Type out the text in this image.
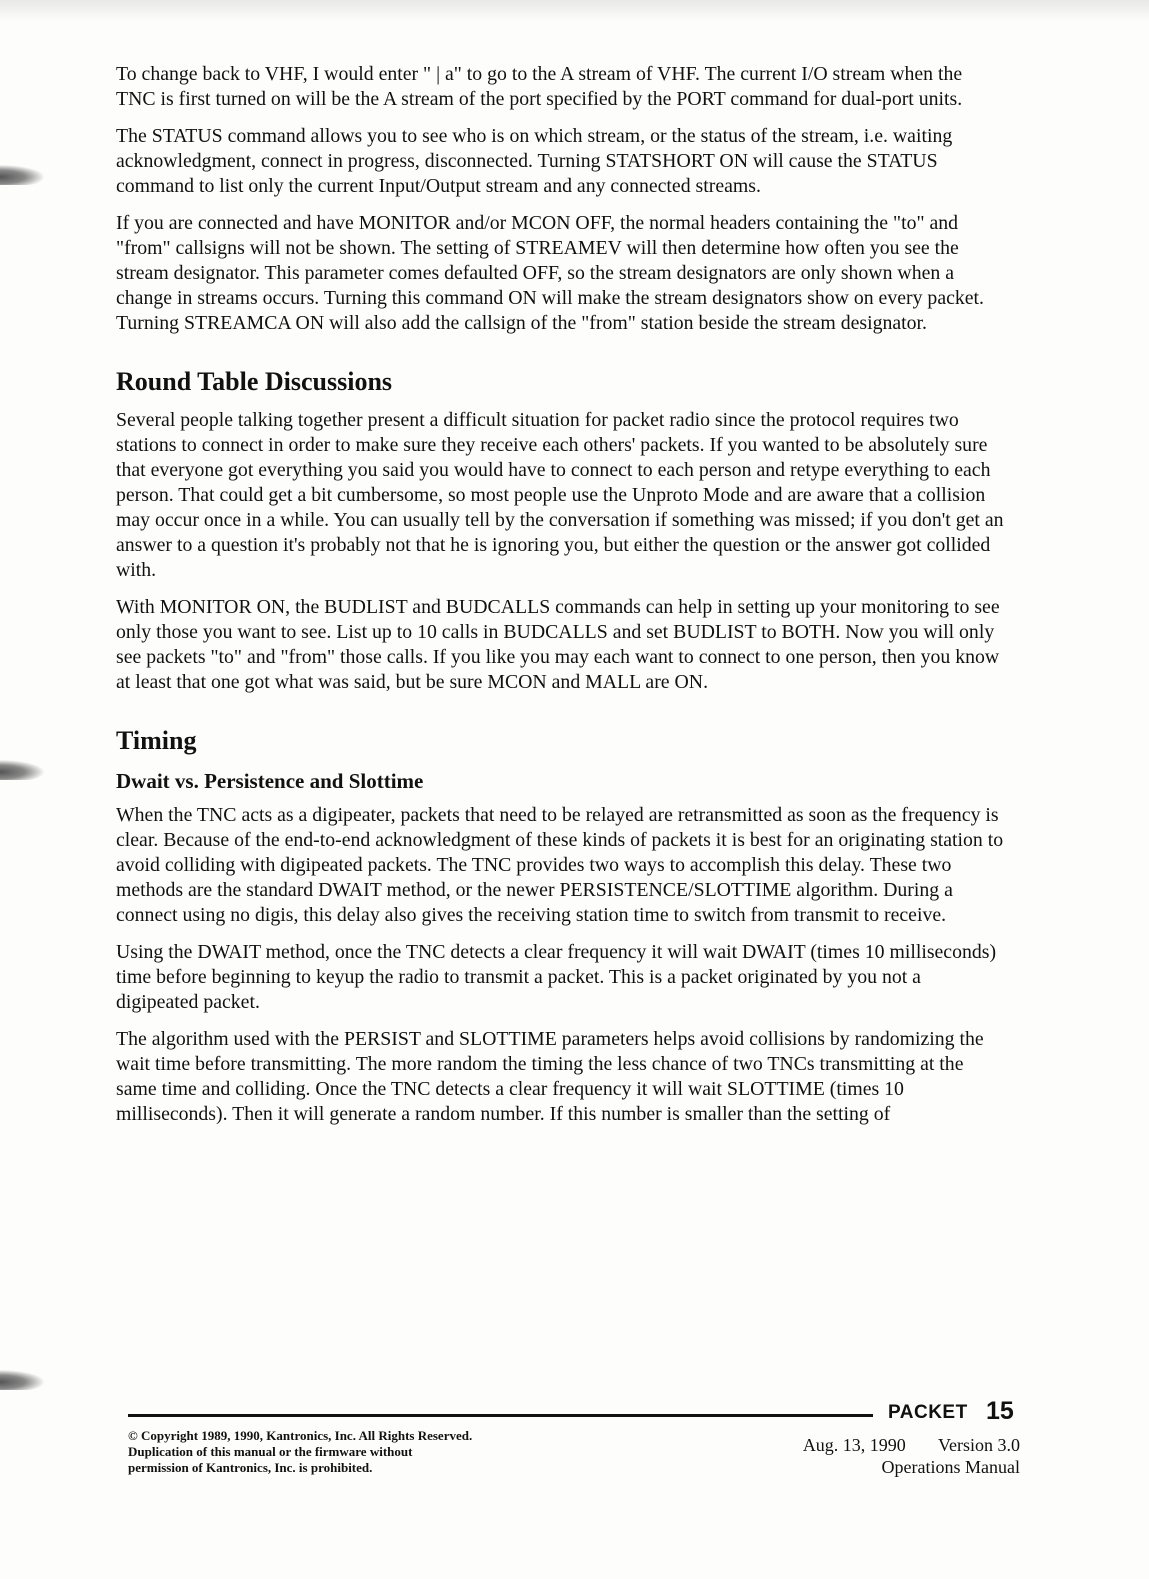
To change back to VHF, I would enter " | a" to go to the A stream of VHF. The current I/O stream when the TNC is first turned on will be the A stream of the port specified by the PORT command for dual-port units.

The STATUS command allows you to see who is on which stream, or the status of the stream, i.e. waiting acknowledgment, connect in progress, disconnected. Turning STATSHORT ON will cause the STATUS command to list only the current Input/Output stream and any connected streams.

If you are connected and have MONITOR and/or MCON OFF, the normal headers containing the "to" and "from" callsigns will not be shown. The setting of STREAMEV will then determine how often you see the stream designator. This parameter comes defaulted OFF, so the stream designators are only shown when a change in streams occurs. Turning this command ON will make the stream designators show on every packet. Turning STREAMCA ON will also add the callsign of the "from" station beside the stream designator.

Round Table Discussions

Several people talking together present a difficult situation for packet radio since the protocol requires two stations to connect in order to make sure they receive each others' packets. If you wanted to be absolutely sure that everyone got everything you said you would have to connect to each person and retype everything to each person. That could get a bit cumbersome, so most people use the Unproto Mode and are aware that a collision may occur once in a while. You can usually tell by the conversation if something was missed; if you don't get an answer to a question it's probably not that he is ignoring you, but either the question or the answer got collided with.

With MONITOR ON, the BUDLIST and BUDCALLS commands can help in setting up your monitoring to see only those you want to see. List up to 10 calls in BUDCALLS and set BUDLIST to BOTH. Now you will only see packets "to" and "from" those calls. If you like you may each want to connect to one person, then you know at least that one got what was said, but be sure MCON and MALL are ON.

Timing
Dwait vs. Persistence and Slottime

When the TNC acts as a digipeater, packets that need to be relayed are retransmitted as soon as the frequency is clear. Because of the end-to-end acknowledgment of these kinds of packets it is best for an originating station to avoid colliding with digipeated packets. The TNC provides two ways to accomplish this delay. These two methods are the standard DWAIT method, or the newer PERSISTENCE/SLOTTIME algorithm. During a connect using no digis, this delay also gives the receiving station time to switch from transmit to receive.

Using the DWAIT method, once the TNC detects a clear frequency it will wait DWAIT (times 10 milliseconds) time before beginning to keyup the radio to transmit a packet. This is a packet originated by you not a digipeated packet.

The algorithm used with the PERSIST and SLOTTIME parameters helps avoid collisions by randomizing the wait time before transmitting. The more random the timing the less chance of two TNCs transmitting at the same time and colliding. Once the TNC detects a clear frequency it will wait SLOTTIME (times 10 milliseconds). Then it will generate a random number. If this number is smaller than the setting of

PACKET 15
© Copyright 1989, 1990, Kantronics, Inc. All Rights Reserved.
Duplication of this manual or the firmware without
permission of Kantronics, Inc. is prohibited.
Aug. 13, 1990 Version 3.0
Operations Manual
